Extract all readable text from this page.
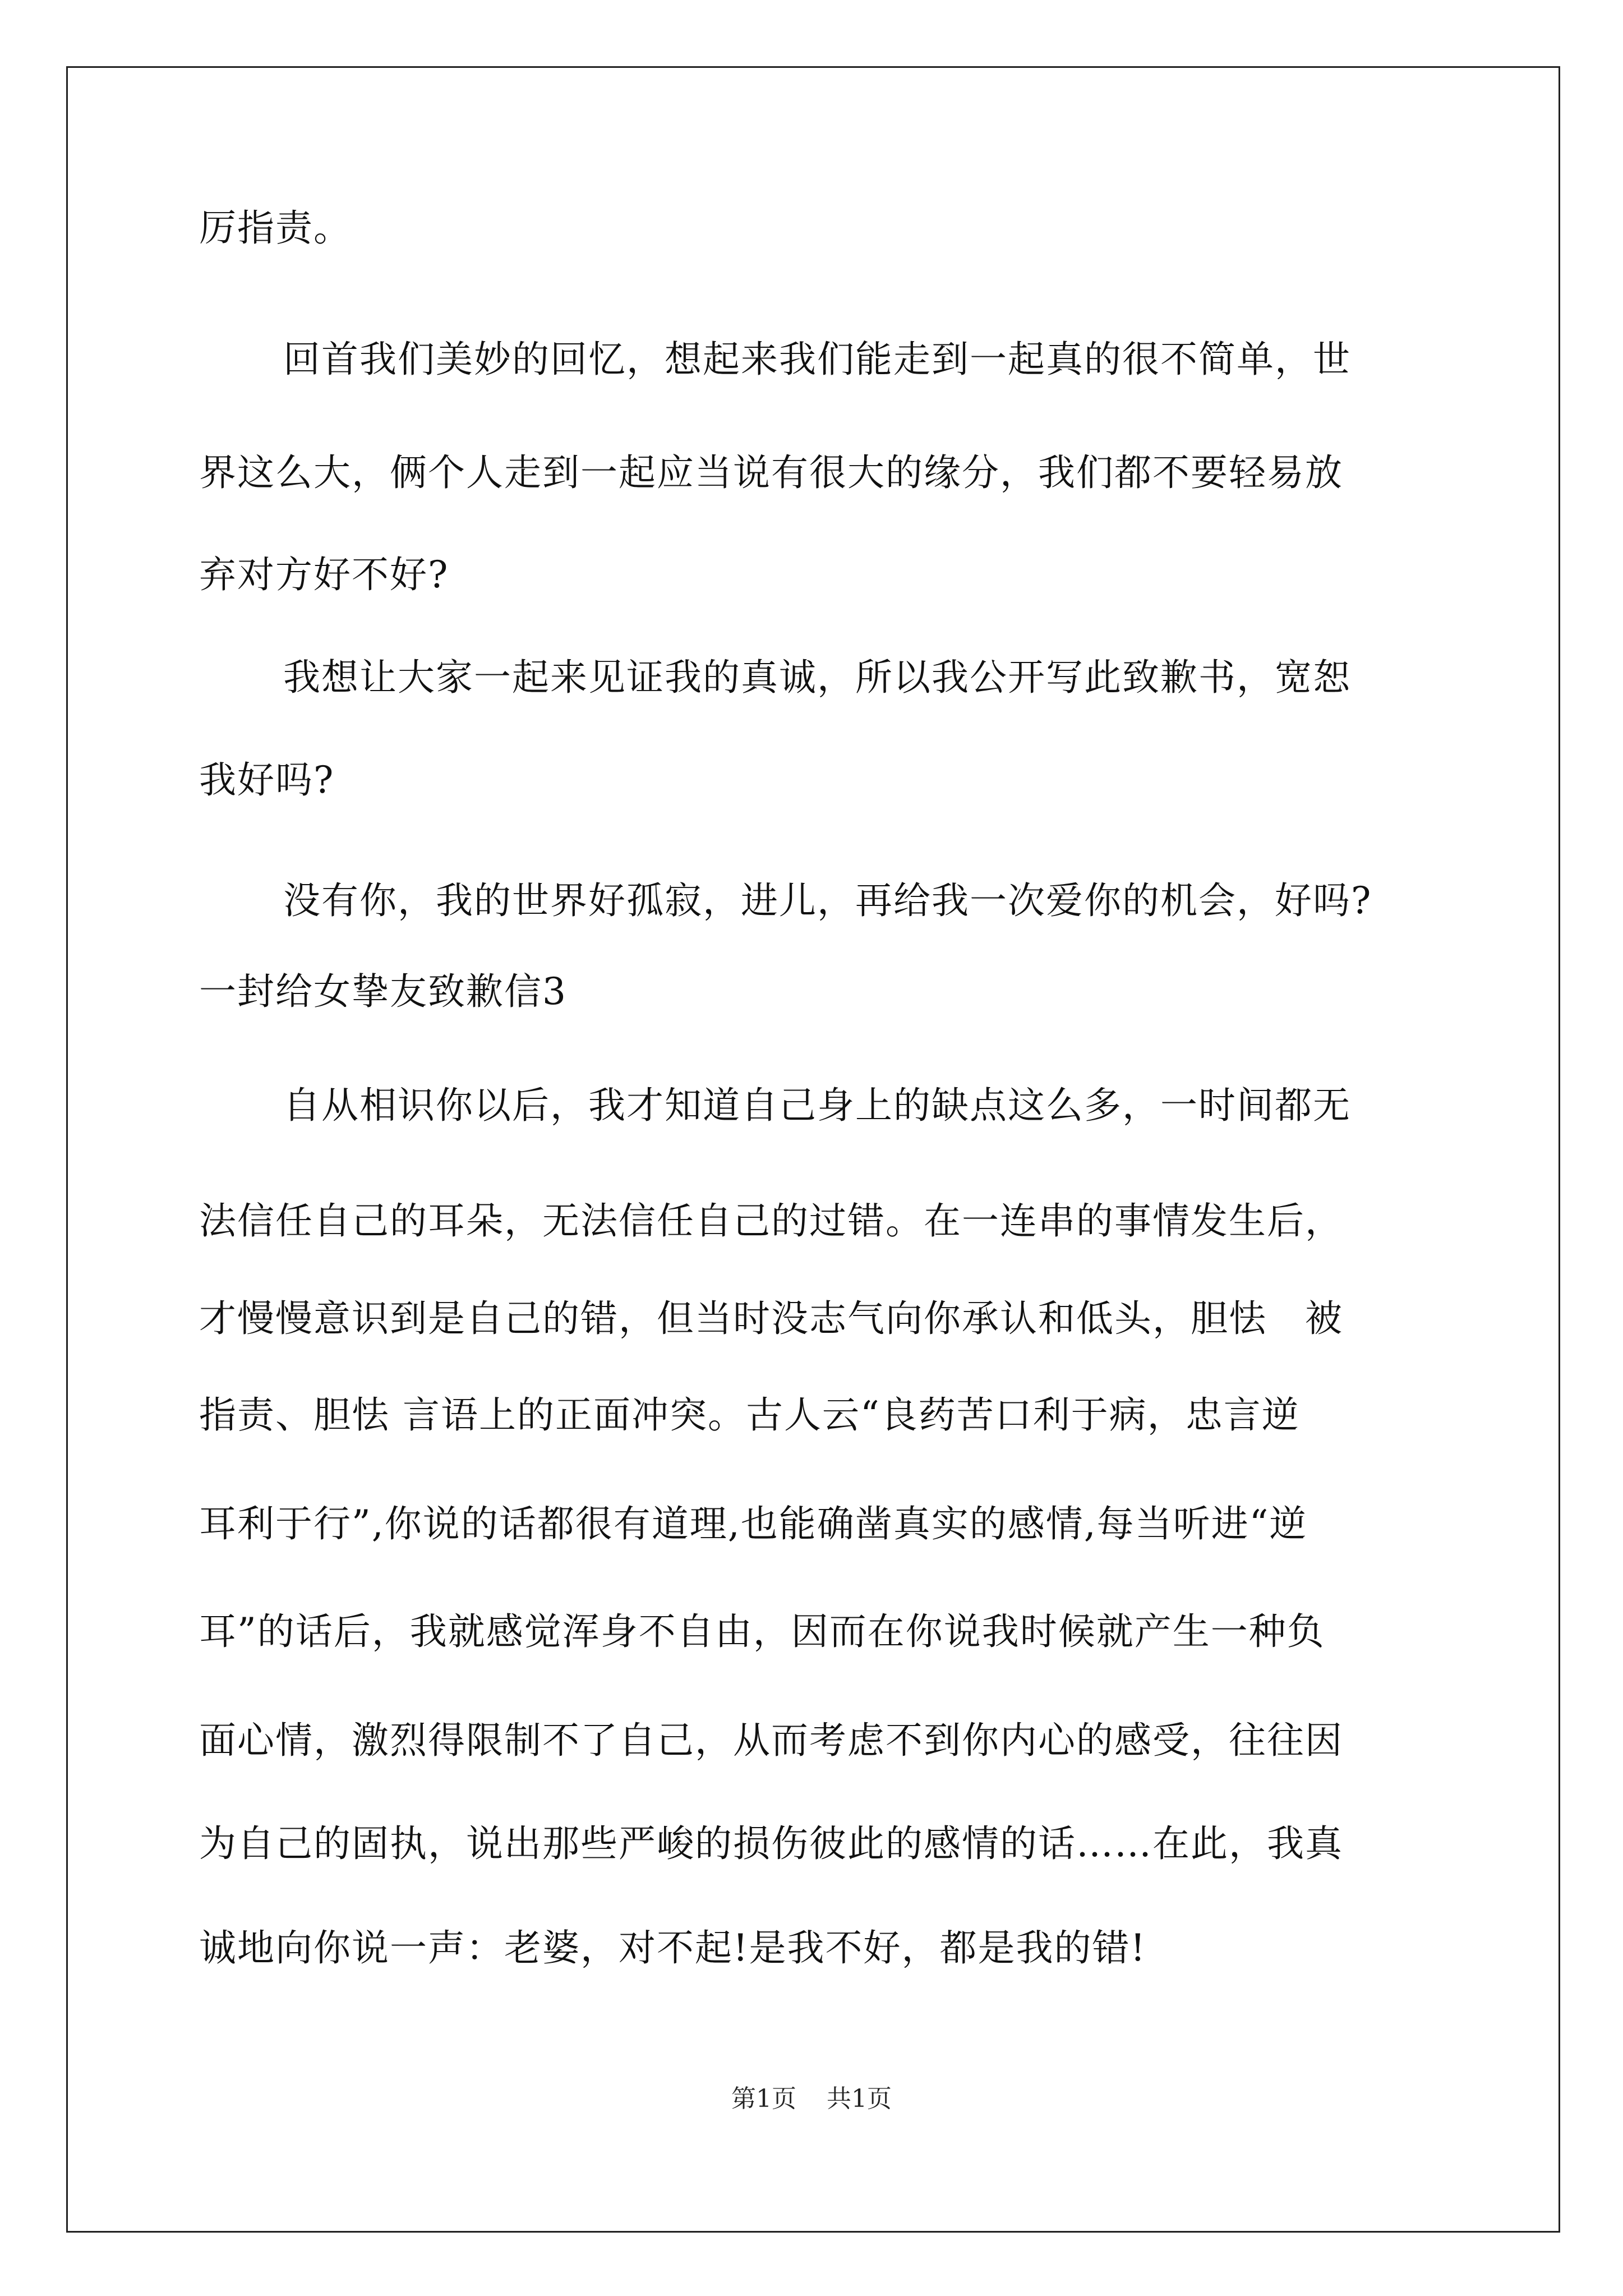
厉指责。
回首我们美妙的回忆，想起来我们能走到一起真的很不简单，世
界这么大，俩个人走到一起应当说有很大的缘分，我们都不要轻易放
弃对方好不好?
我想让大家一起来见证我的真诚，所以我公开写此致歉书，宽恕
我好吗?
没有你，我的世界好孤寂，进儿，再给我一次爱你的机会，好吗?
一封给女挚友致歉信3
自从相识你以后，我才知道自己身上的缺点这么多，一时间都无
法信任自己的耳朵，无法信任自己的过错。在一连串的事情发生后，
才慢慢意识到是自己的错，但当时没志气向你承认和低头，胆怯　被
指责、胆怯 言语上的正面冲突。古人云“良药苦口利于病，忠言逆
耳利于行”,你说的话都很有道理,也能确凿真实的感情,每当听进“逆
耳”的话后，我就感觉浑身不自由，因而在你说我时候就产生一种负
面心情，激烈得限制不了自己，从而考虑不到你内心的感受，往往因
为自己的固执，说出那些严峻的损伤彼此的感情的话……在此，我真
诚地向你说一声：老婆，对不起!是我不好，都是我的错!
第1页 共1页
